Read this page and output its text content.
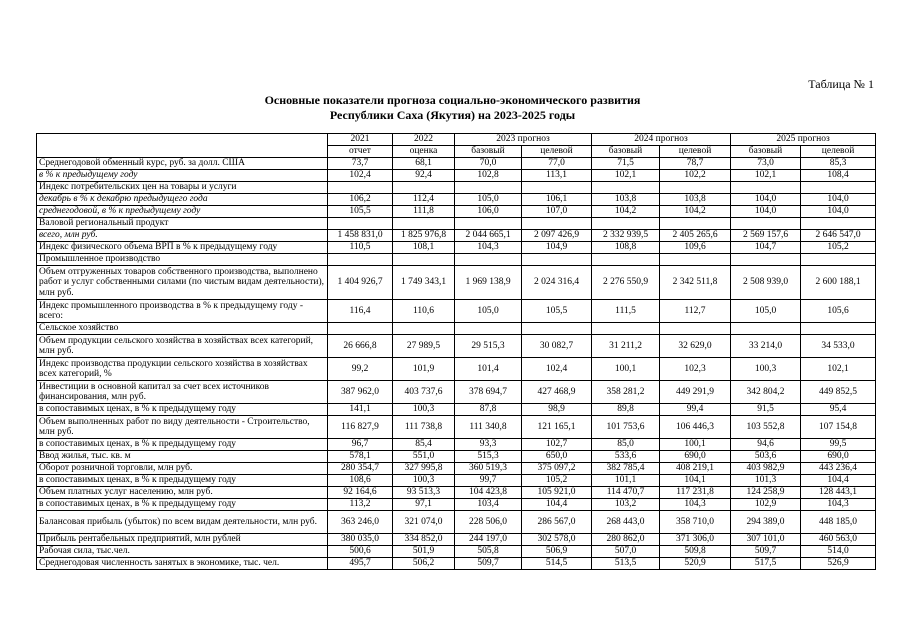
Таблица № 1
Основные показатели прогноза социально-экономического развития
Республики Саха (Якутия) на 2023-2025 годы
	2021	2022	2023 прогноз		2024 прогноз		2025 прогноз	
	отчет	оценка	базовый	целевой	базовый	целевой	базовый	целевой
Среднегодовой обменный курс, руб. за долл. США	73,7	68,1	70,0	77,0	71,5	78,7	73,0	85,3
в % к предыдущему году	102,4	92,4	102,8	113,1	102,1	102,2	102,1	108,4
Индекс потребительских цен на товары и услуги								
декабрь в % к декабрю предыдущего года	106,2	112,4	105,0	106,1	103,8	103,8	104,0	104,0
среднегодовой, в % к предыдущему году	105,5	111,8	106,0	107,0	104,2	104,2	104,0	104,0
Валовой региональный продукт								
всего, млн руб.	1 458 831,0	1 825 976,8	2 044 665,1	2 097 426,9	2 332 939,5	2 405 265,6	2 569 157,6	2 646 547,0
Индекс физического объема ВРП в % к предыдущему году	110,5	108,1	104,3	104,9	108,8	109,6	104,7	105,2
Промышленное производство								
Объем отгруженных товаров собственного производства, выполнено работ и услуг собственными силами (по чистым видам деятельности), млн руб.	1 404 926,7	1 749 343,1	1 969 138,9	2 024 316,4	2 276 550,9	2 342 511,8	2 508 939,0	2 600 188,1
Индекс промышленного производства в % к предыдущему году - всего:	116,4	110,6	105,0	105,5	111,5	112,7	105,0	105,6
Сельское хозяйство								
Объем продукции сельского хозяйства в хозяйствах всех категорий, млн руб.	26 666,8	27 989,5	29 515,3	30 082,7	31 211,2	32 629,0	33 214,0	34 533,0
Индекс производства продукции сельского хозяйства в хозяйствах всех категорий, %	99,2	101,9	101,4	102,4	100,1	102,3	100,3	102,1
Инвестиции в основной капитал за счет всех источников финансирования, млн руб.	387 962,0	403 737,6	378 694,7	427 468,9	358 281,2	449 291,9	342 804,2	449 852,5
в сопоставимых ценах, в % к предыдущему году	141,1	100,3	87,8	98,9	89,8	99,4	91,5	95,4
Объем выполненных работ по виду деятельности - Строительство, млн руб.	116 827,9	111 738,8	111 340,8	121 165,1	101 753,6	106 446,3	103 552,8	107 154,8
в сопоставимых ценах, в % к предыдущему году	96,7	85,4	93,3	102,7	85,0	100,1	94,6	99,5
Ввод жилья, тыс. кв. м	578,1	551,0	515,3	650,0	533,6	690,0	503,6	690,0
Оборот розничной торговли, млн руб.	280 354,7	327 995,8	360 519,3	375 097,2	382 785,4	408 219,1	403 982,9	443 236,4
в сопоставимых ценах, в % к предыдущему году	108,6	100,3	99,7	105,2	101,1	104,1	101,3	104,4
Объем платных услуг населению, млн руб.	92 164,6	93 513,3	104 423,8	105 921,0	114 470,7	117 231,8	124 258,9	128 443,1
в сопоставимых ценах, в % к предыдущему году	113,2	97,1	103,4	104,4	103,2	104,3	102,9	104,3
Балансовая прибыль (убыток) по всем видам деятельности, млн руб.	363 246,0	321 074,0	228 506,0	286 567,0	268 443,0	358 710,0	294 389,0	448 185,0
Прибыль рентабельных предприятий, млн рублей	380 035,0	334 852,0	244 197,0	302 578,0	280 862,0	371 306,0	307 101,0	460 563,0
Рабочая сила, тыс.чел.	500,6	501,9	505,8	506,9	507,0	509,8	509,7	514,0
Среднегодовая численность занятых в экономике, тыс. чел.	495,7	506,2	509,7	514,5	513,5	520,9	517,5	526,9
